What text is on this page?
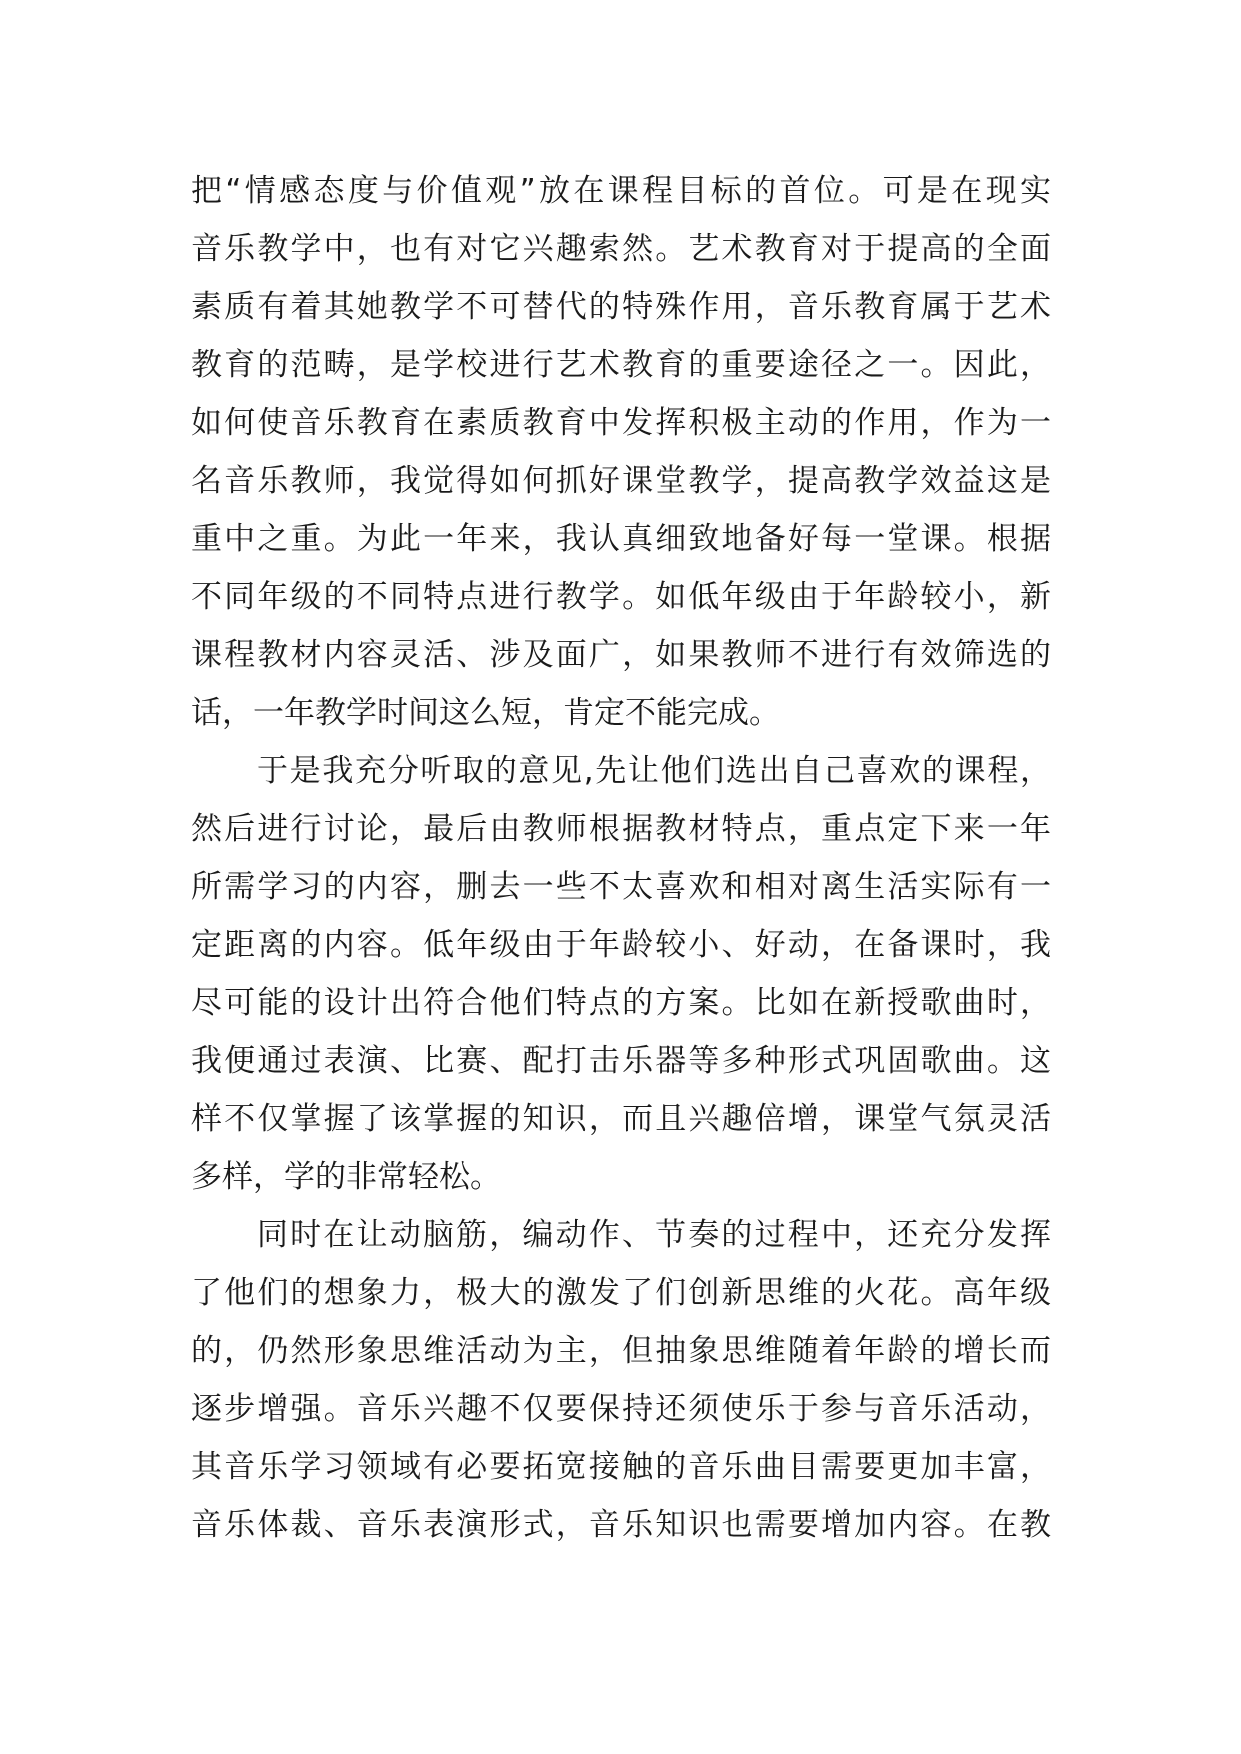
把“情感态度与价值观”放在课程目标的首位。可是在现实
音乐教学中，也有对它兴趣索然。艺术教育对于提高的全面
素质有着其她教学不可替代的特殊作用，音乐教育属于艺术
教育的范畴，是学校进行艺术教育的重要途径之一。因此，
如何使音乐教育在素质教育中发挥积极主动的作用，作为一
名音乐教师，我觉得如何抓好课堂教学，提高教学效益这是
重中之重。为此一年来，我认真细致地备好每一堂课。根据
不同年级的不同特点进行教学。如低年级由于年龄较小，新
课程教材内容灵活、涉及面广，如果教师不进行有效筛选的
话，一年教学时间这么短，肯定不能完成。
于是我充分听取的意见,先让他们选出自己喜欢的课程，
然后进行讨论，最后由教师根据教材特点，重点定下来一年
所需学习的内容，删去一些不太喜欢和相对离生活实际有一
定距离的内容。低年级由于年龄较小、好动，在备课时，我
尽可能的设计出符合他们特点的方案。比如在新授歌曲时，
我便通过表演、比赛、配打击乐器等多种形式巩固歌曲。这
样不仅掌握了该掌握的知识，而且兴趣倍增，课堂气氛灵活
多样，学的非常轻松。
同时在让动脑筋，编动作、节奏的过程中，还充分发挥
了他们的想象力，极大的激发了们创新思维的火花。高年级
的，仍然形象思维活动为主，但抽象思维随着年龄的增长而
逐步增强。音乐兴趣不仅要保持还须使乐于参与音乐活动，
其音乐学习领域有必要拓宽接触的音乐曲目需要更加丰富，
音乐体裁、音乐表演形式，音乐知识也需要增加内容。在教
